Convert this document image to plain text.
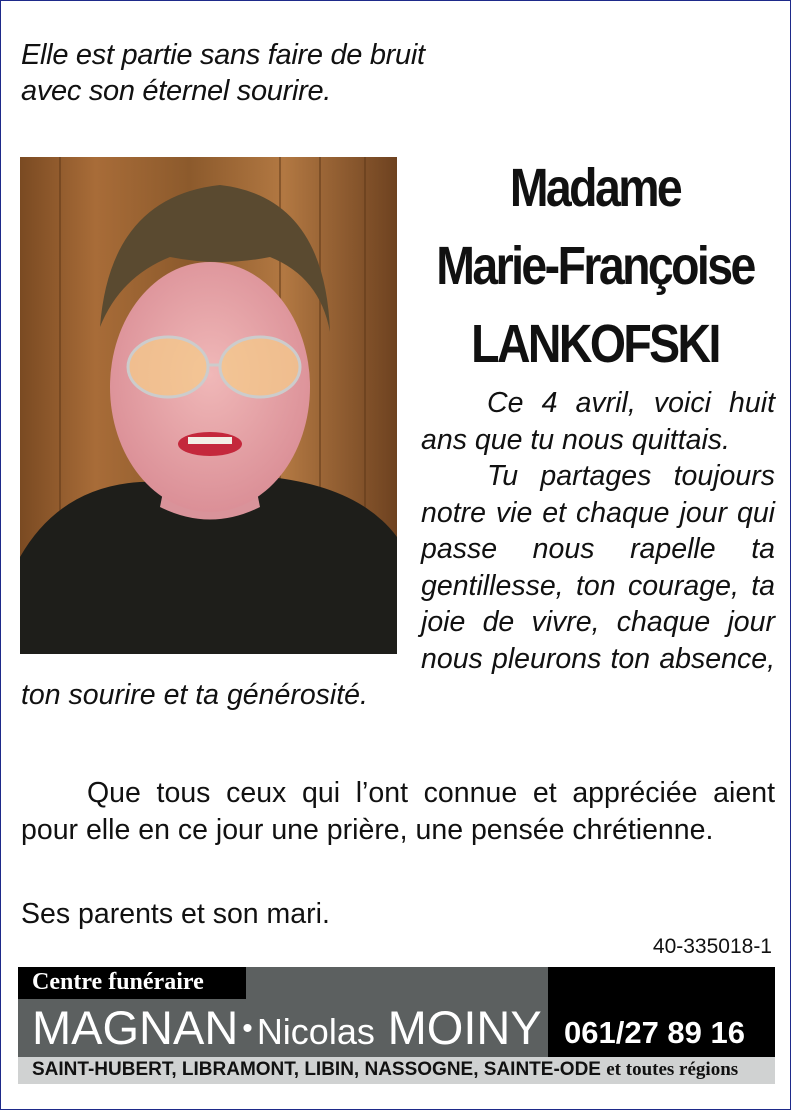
Elle est partie sans faire de bruit
avec son éternel sourire.
Madame
Marie-Françoise
LANKOFSKI

Ce 4 avril, voici huit ans que tu nous quittais.

Tu partages toujours notre vie et chaque jour qui passe nous rapelle ta gentillesse, ton courage, ta joie de vivre, chaque jour nous pleurons ton absence, ton sourire et ta générosité.

Que tous ceux qui l’ont connue et appréciée aient pour elle en ce jour une prière, une pensée chrétienne.

Ses parents et son mari.
40-335018-1
Centre funéraire
MAGNAN • Nicolas MOINY 061/27 89 16
SAINT-HUBERT, LIBRAMONT, LIBIN, NASSOGNE, SAINTE-ODE et toutes régions
